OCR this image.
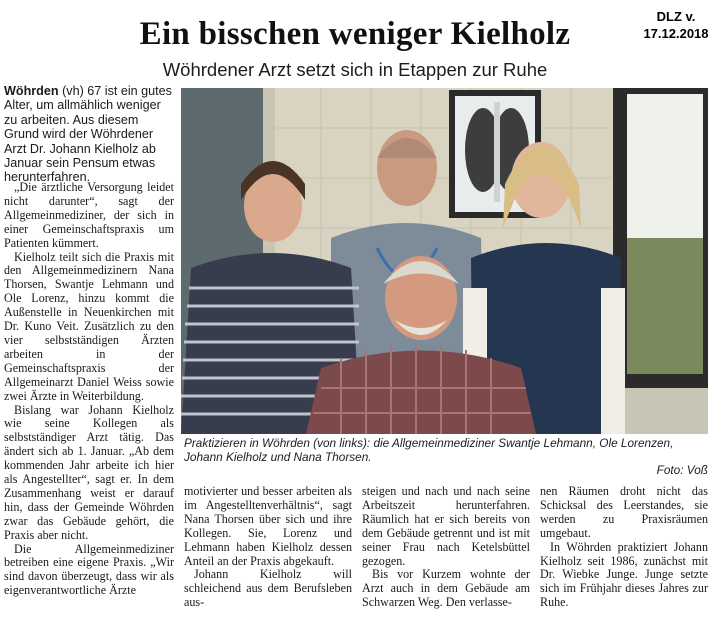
Ein bisschen weniger Kielholz
Wöhrdener Arzt setzt sich in Etappen zur Ruhe
DLZ v.
17.12.2018
Wöhrden (vh) 67 ist ein gutes Alter, um allmählich weniger zu arbeiten. Aus diesem Grund wird der Wöhrdener Arzt Dr. Johann Kielholz ab Januar sein Pensum etwas herunterfahren.

„Die ärztliche Versorgung leidet nicht darunter“, sagt der Allgemeinmediziner, der sich in einer Gemeinschaftspraxis um Patienten kümmert.

Kielholz teilt sich die Praxis mit den Allgemeinmedizinern Nana Thorsen, Swantje Lehmann und Ole Lorenz, hinzu kommt die Außenstelle in Neuenkirchen mit Dr. Kuno Veit. Zusätzlich zu den vier selbstständigen Ärzten arbeiten in der Gemeinschaftspraxis der Allgemeinarzt Daniel Weiss sowie zwei Ärzte in Weiterbildung.

Bislang war Johann Kielholz wie seine Kollegen als selbstständiger Arzt tätig. Das ändert sich ab 1. Januar. „Ab dem kommenden Jahr arbeite ich hier als Angestellter“, sagt er. In dem Zusammenhang weist er darauf hin, dass der Gemeinde Wöhrden zwar das Gebäude gehört, die Praxis aber nicht.

Die Allgemeinmediziner betreiben eine eigene Praxis. „Wir sind davon überzeugt, dass wir als eigenverantwortliche Ärzte

Praktizieren in Wöhrden (von links): die Allgemeinmediziner Swantje Lehmann, Ole Lorenzen, Johann Kielholz und Nana Thorsen.
Foto: Voß

motivierter und besser arbeiten als im Angestelltenverhältnis“, sagt Nana Thorsen über sich und ihre Kollegen. Sie, Lorenz und Lehmann haben Kielholz dessen Anteil an der Praxis abgekauft.

Johann Kielholz will schleichend aus dem Berufsleben aus-

steigen und nach und nach seine Arbeitszeit herunterfahren. Räumlich hat er sich bereits von dem Gebäude getrennt und ist mit seiner Frau nach Ketelsbüttel gezogen.

Bis vor Kurzem wohnte der Arzt auch in dem Gebäude am Schwarzen Weg. Den verlasse-

nen Räumen droht nicht das Schicksal des Leerstandes, sie werden zu Praxisräumen umgebaut.

In Wöhrden praktiziert Johann Kielholz seit 1986, zunächst mit Dr. Wiebke Junge. Junge setzte sich im Frühjahr dieses Jahres zur Ruhe.
